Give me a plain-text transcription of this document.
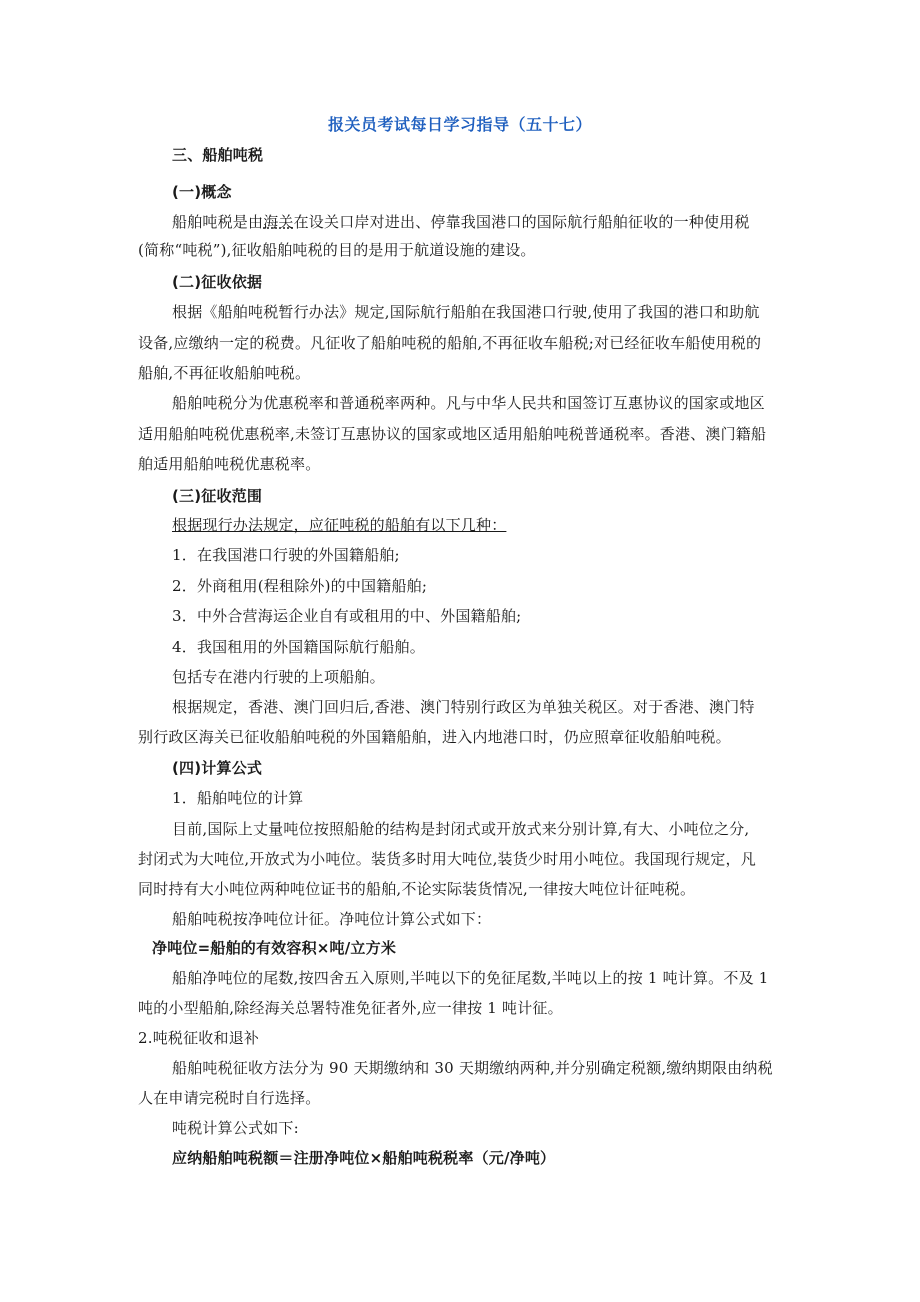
报关员考试每日学习指导（五十七）
三、船舶吨税
(一)概念
船舶吨税是由海关在设关口岸对进出、停靠我国港口的国际航行船舶征收的一种使用税
(简称“吨税”),征收船舶吨税的目的是用于航道设施的建设。
(二)征收依据
根据《船舶吨税暂行办法》规定,国际航行船舶在我国港口行驶,使用了我国的港口和助航
设备,应缴纳一定的税费。凡征收了船舶吨税的船舶,不再征收车船税;对已经征收车船使用税的
船舶,不再征收船舶吨税。
船舶吨税分为优惠税率和普通税率两种。凡与中华人民共和国签订互惠协议的国家或地区
适用船舶吨税优惠税率,未签订互惠协议的国家或地区适用船舶吨税普通税率。香港、澳门籍船
舶适用船舶吨税优惠税率。
(三)征收范围
根据现行办法规定，应征吨税的船舶有以下几种：
1．在我国港口行驶的外国籍船舶;
2．外商租用(程租除外)的中国籍船舶;
3．中外合营海运企业自有或租用的中、外国籍船舶;
4．我国租用的外国籍国际航行船舶。
包括专在港内行驶的上项船舶。
根据规定，香港、澳门回归后,香港、澳门特别行政区为单独关税区。对于香港、澳门特
别行政区海关已征收船舶吨税的外国籍船舶，进入内地港口时，仍应照章征收船舶吨税。
(四)计算公式
1．船舶吨位的计算
目前,国际上丈量吨位按照船舱的结构是封闭式或开放式来分别计算,有大、小吨位之分,
封闭式为大吨位,开放式为小吨位。装货多时用大吨位,装货少时用小吨位。我国现行规定，凡
同时持有大小吨位两种吨位证书的船舶,不论实际装货情况,一律按大吨位计征吨税。
船舶吨税按净吨位计征。净吨位计算公式如下：
净吨位=船舶的有效容积×吨/立方米
船舶净吨位的尾数,按四舍五入原则,半吨以下的免征尾数,半吨以上的按 1 吨计算。不及 1
吨的小型船舶,除经海关总署特准免征者外,应一律按 1 吨计征。
2.吨税征收和退补
船舶吨税征收方法分为 90 天期缴纳和 30 天期缴纳两种,并分别确定税额,缴纳期限由纳税
人在申请完税时自行选择。
吨税计算公式如下:
应纳船舶吨税额＝注册净吨位×船舶吨税税率（元/净吨）
